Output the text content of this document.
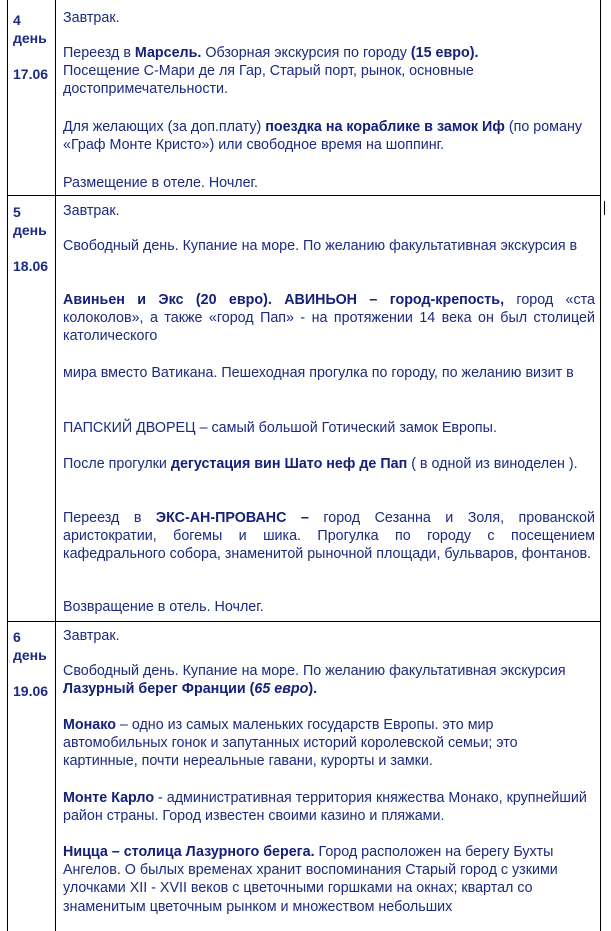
4
день
17.06
Завтрак.
Переезд в Марсель. Обзорная экскурсия по городу (15 евро).
Посещение С-Мари де ля Гар, Старый порт, рынок, основные достопримечательности.
Для желающих (за доп.плату) поездка на кораблике в замок Иф (по роману «Граф Монте Кристо») или свободное время на шоппинг.
Размещение в отеле. Ночлег.
5
день
18.06
Завтрак.
Свободный день. Купание на море. По желанию факультативная экскурсия в
Авиньен и Экс (20 евро). АВИНЬОН – город-крепость, город «ста колоколов», а также «город Пап» - на протяжении 14 века он был столицей католического
мира вместо Ватикана. Пешеходная прогулка по городу, по желанию визит в
ПАПСКИЙ ДВОРЕЦ – самый большой Готический замок Европы.
После прогулки дегустация вин Шато неф де Пап ( в одной из виноделен ).
Переезд в ЭКС-АН-ПРОВАНС – город Сезанна и Золя, прованской аристократии, богемы и шика. Прогулка по городу с посещением кафедрального собора, знаменитой рыночной площади, бульваров, фонтанов.
Возвращение в отель. Ночлег.
6
день
19.06
Завтрак.
Свободный день. Купание на море. По желанию факультативная экскурсия Лазурный берег Франции (65 евро).
Монако – одно из самых маленьких государств Европы. это мир автомобильных гонок и запутанных историй королевской семьи; это картинные, почти нереальные гавани, курорты и замки.
Монте Карло - административная территория княжества Монако, крупнейший район страны. Город известен своими казино и пляжами.
Ницца – столица Лазурного берега. Город расположен на берегу Бухты Ангелов. О былых временах хранит воспоминания Старый город с узкими улочками XII - XVII веков с цветочными горшками на окнах; квартал со знаменитым цветочным рынком и множеством небольших
